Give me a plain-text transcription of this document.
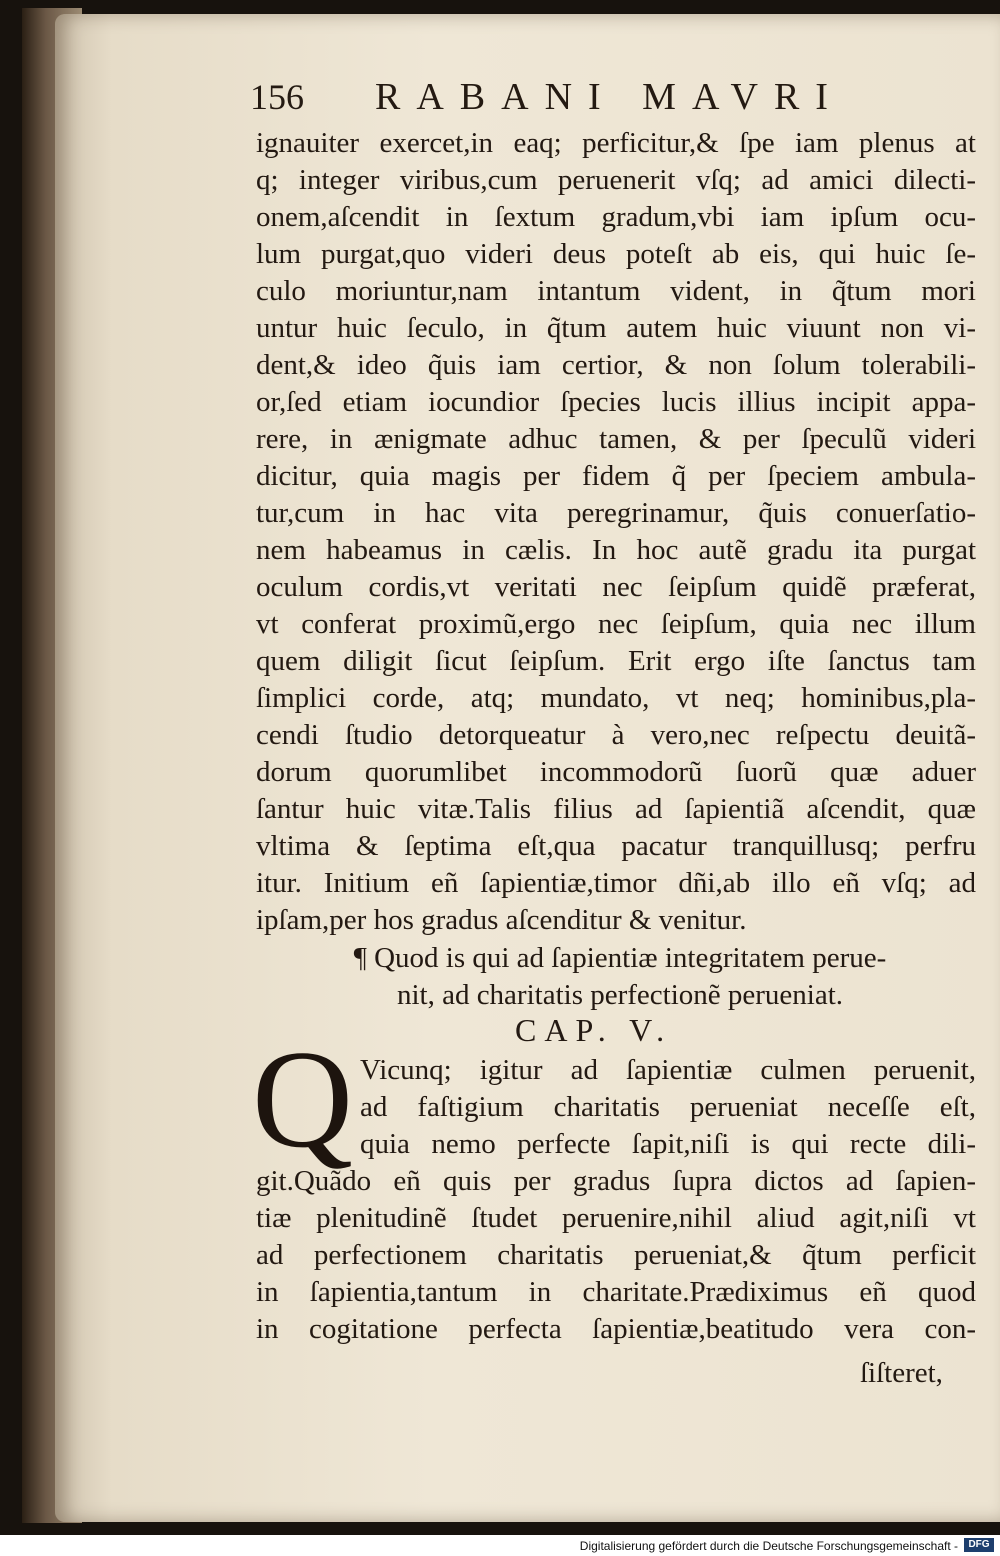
156 RABANI MAVRI
ignauiter exercet,in eaq; perficitur,& ſpe iam plenus at
q; integer viribus,cum peruenerit vſq; ad amici dilecti-
onem,aſcendit in ſextum gradum,vbi iam ipſum ocu-
lum purgat,quo videri deus poteſt ab eis, qui huic ſe-
culo moriuntur,nam intantum vident, in q̃tum mori
untur huic ſeculo, in q̃tum autem huic viuunt non vi-
dent,& ideo q̃uis iam certior, & non ſolum tolerabili-
or,ſed etiam iocundior ſpecies lucis illius incipit appa-
rere, in ænigmate adhuc tamen, & per ſpeculũ videri
dicitur, quia magis per fidem q̃ per ſpeciem ambula-
tur,cum in hac vita peregrinamur, q̃uis conuerſatio-
nem habeamus in cælis. In hoc autẽ gradu ita purgat
oculum cordis,vt veritati nec ſeipſum quidẽ præferat,
vt conferat proximũ,ergo nec ſeipſum, quia nec illum
quem diligit ſicut ſeipſum. Erit ergo iſte ſanctus tam
ſimplici corde, atq; mundato, vt neq; hominibus,pla-
cendi ſtudio detorqueatur à vero,nec reſpectu deuitã-
dorum quorumlibet incommodorũ ſuorũ quæ aduer
ſantur huic vitæ.Talis filius ad ſapientiã aſcendit, quæ
vltima & ſeptima eſt,qua pacatur tranquillusq; perfru
itur. Initium eñ ſapientiæ,timor dñi,ab illo eñ vſq; ad
ipſam,per hos gradus aſcenditur & venitur.
¶ Quod is qui ad ſapientiæ integritatem perue-
nit, ad charitatis perfectionẽ perueniat.
CAP. V.
Q Vicunq; igitur ad ſapientiæ culmen peruenit,
ad faſtigium charitatis perueniat neceſſe eſt,
quia nemo perfecte ſapit,niſi is qui recte dili-
git.Quãdo eñ quis per gradus ſupra dictos ad ſapien-
tiæ plenitudinẽ ſtudet peruenire,nihil aliud agit,niſi vt
ad perfectionem charitatis perueniat,& q̃tum perficit
in ſapientia,tantum in charitate.Prædiximus eñ quod
in cogitatione perfecta ſapientiæ,beatitudo vera con-
ſiſteret,
Digitalisierung gefördert durch die Deutsche Forschungsgemeinschaft -	DFG
